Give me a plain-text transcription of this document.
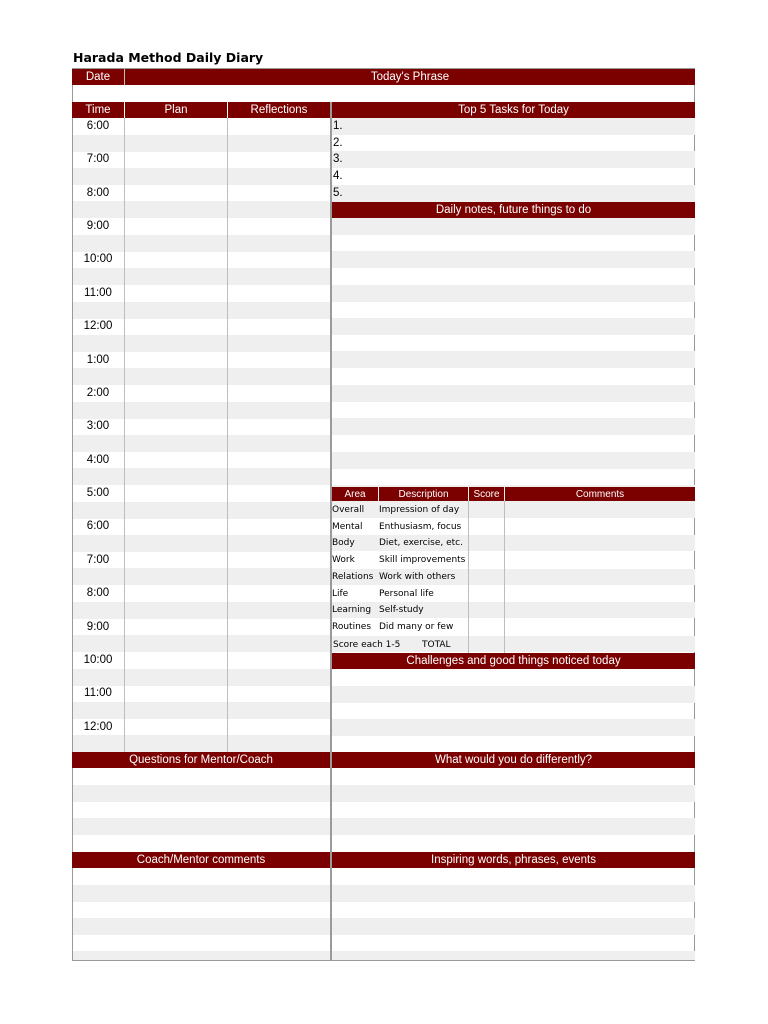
Harada Method Daily Diary
Date	Today's Phrase
Time	Plan	Reflections	Top 5 Tasks for Today
6:00
7:00
8:00
9:00
10:00
11:00
12:00
1:00
2:00
3:00
4:00
5:00
6:00
7:00
8:00
9:00
10:00
11:00
12:00
1.
2.
3.
4.
5.
Daily notes, future things to do
Area	Description	Score	Comments
Overall Impression of day
Mental Enthusiasm, focus
Body	Diet, exercise, etc.
Work	Skill improvements
Relations Work with others
Life	Personal life
Learning Self-study
Routines Did many or few
Score each 1-5 TOTAL
Challenges and good things noticed today
Questions for Mentor/Coach	What would you do differently?
Coach/Mentor comments	Inspiring words, phrases, events
